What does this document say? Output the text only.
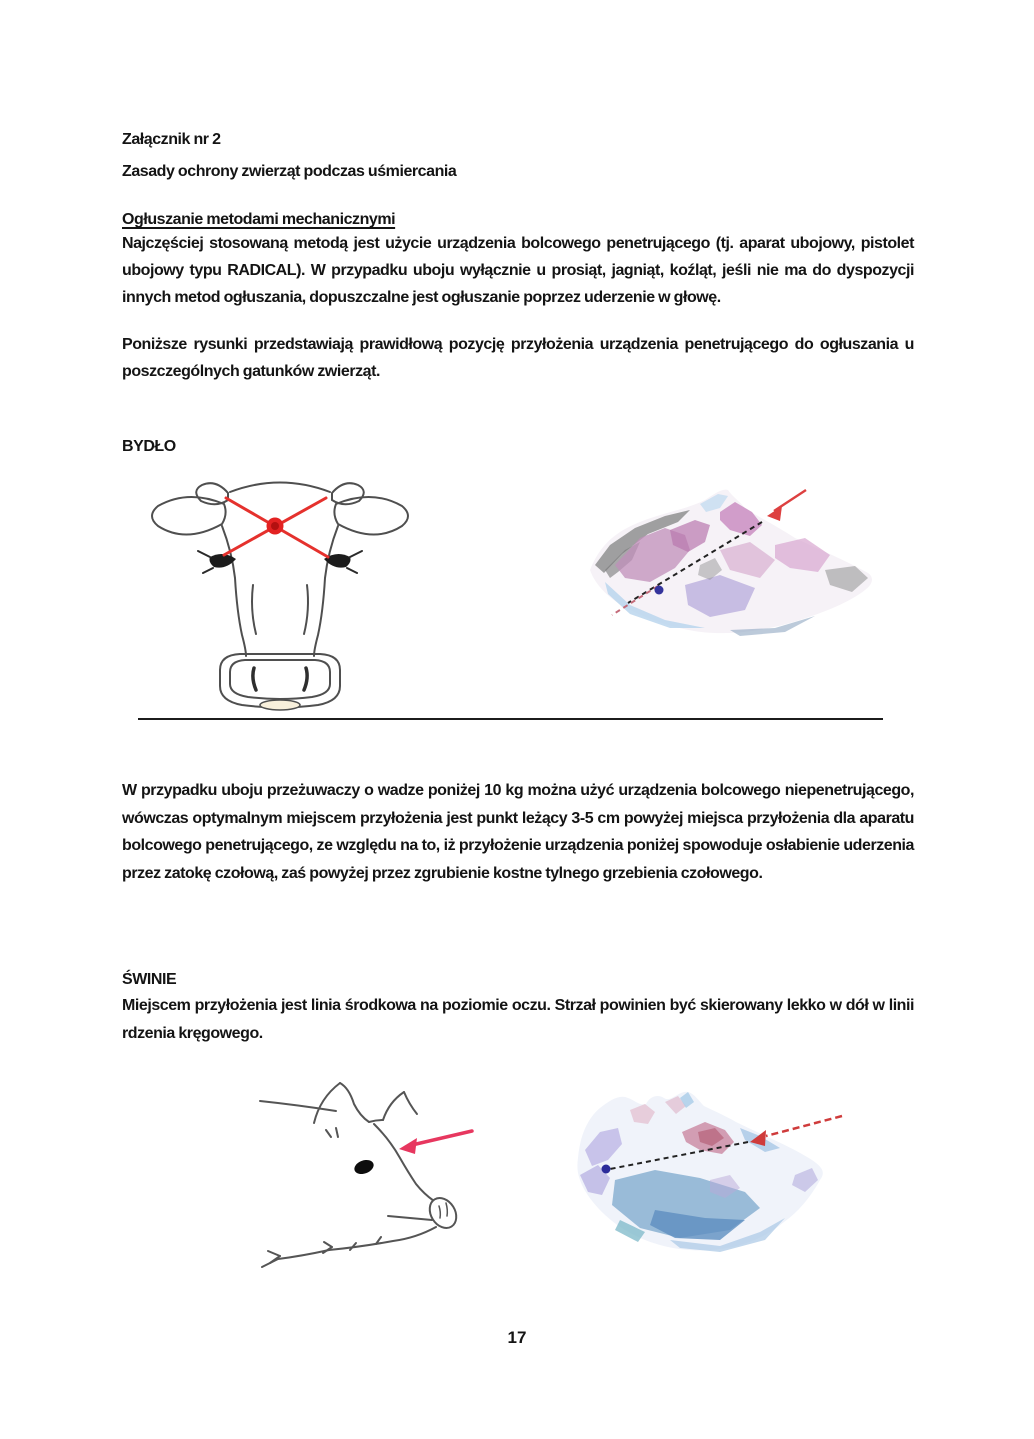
Załącznik nr 2
Zasady ochrony zwierząt podczas uśmiercania
Ogłuszanie metodami mechanicznymi
Najczęściej stosowaną metodą jest użycie urządzenia bolcowego penetrującego (tj. aparat ubojowy, pistolet ubojowy typu RADICAL). W przypadku uboju wyłącznie u prosiąt, jagniąt, koźląt, jeśli nie ma do dyspozycji innych metod ogłuszania, dopuszczalne jest ogłuszanie poprzez uderzenie w głowę.
Poniższe rysunki przedstawiają prawidłową pozycję przyłożenia urządzenia penetrującego do ogłuszania u poszczególnych gatunków zwierząt.
BYDŁO
W przypadku uboju przeżuwaczy o wadze poniżej 10 kg można użyć urządzenia bolcowego niepenetrującego, wówczas optymalnym miejscem przyłożenia jest punkt leżący 3-5 cm powyżej miejsca przyłożenia dla aparatu bolcowego penetrującego, ze względu na to, iż przyłożenie urządzenia poniżej spowoduje osłabienie uderzenia przez zatokę czołową, zaś powyżej przez zgrubienie kostne tylnego grzebienia czołowego.
ŚWINIE
Miejscem przyłożenia jest linia środkowa na poziomie oczu. Strzał powinien być skierowany lekko w dół w linii rdzenia kręgowego.
17
